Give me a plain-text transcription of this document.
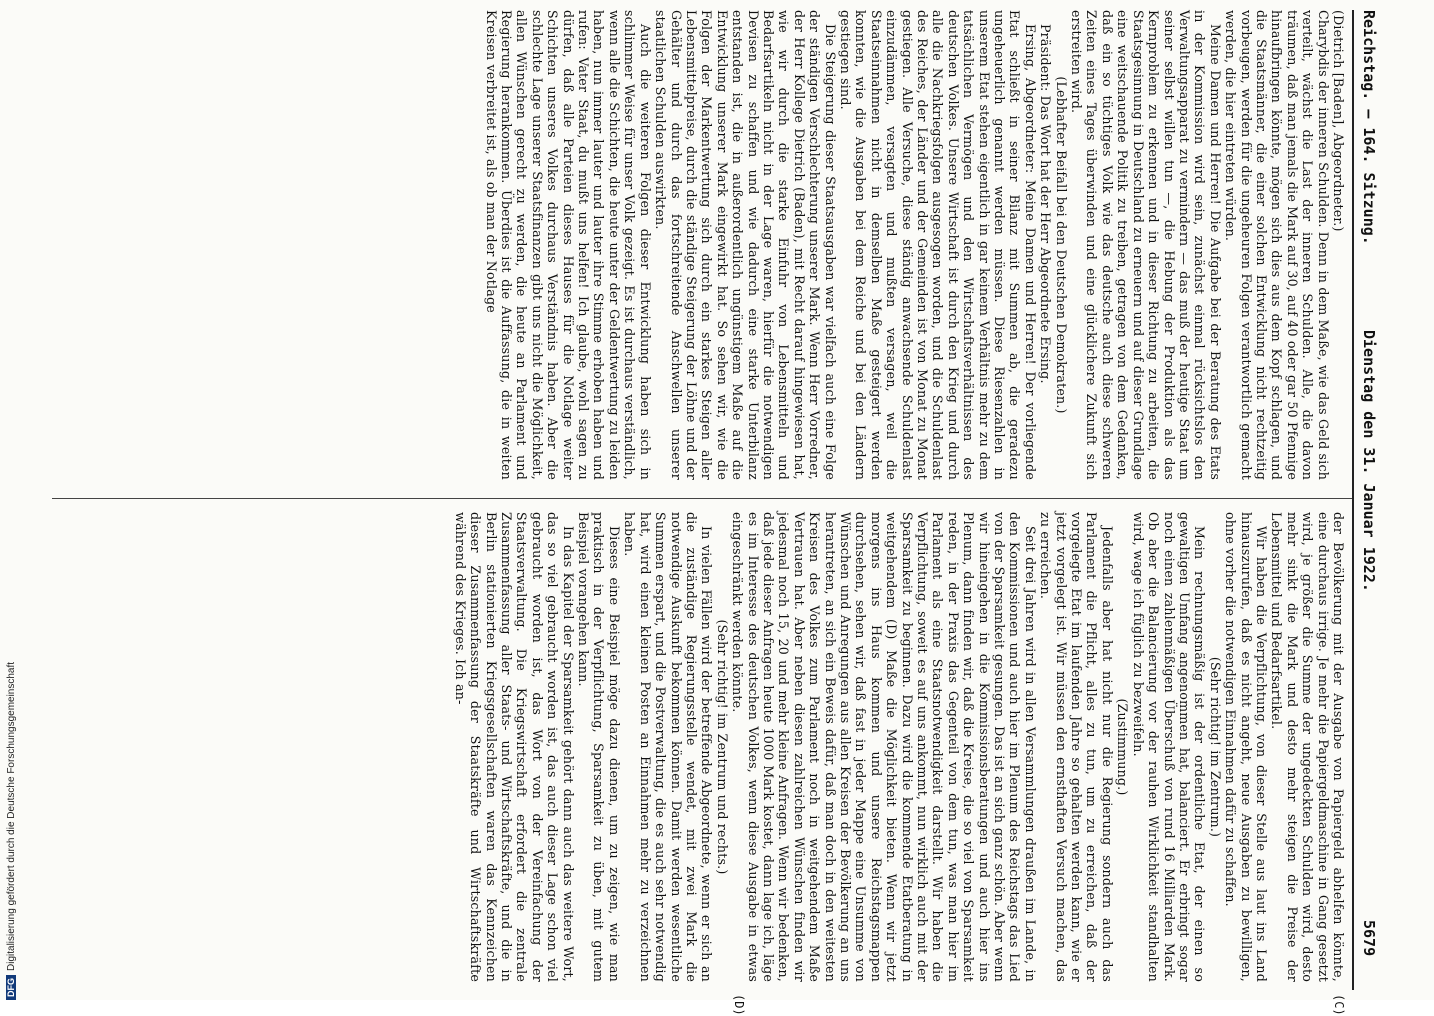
Reichstag. — 164. Sitzung.
Dienstag den 31. Januar 1922.
5679
(C)
(D)

(Dietrich [Baden], Abgeordneter.)

Charybdis der inneren Schulden. Denn in dem Maße, wie das Geld sich verteilt, wächst die Last der inneren Schulden. Alle, die davon träumen, daß man jemals die Mark auf 30, auf 40 oder gar 50 Pfennige hinaufbringen könnte, mögen sich dies aus dem Kopf schlagen, und die Staatsmänner, die einer solchen Entwicklung nicht rechtzeitig vorbeugen, werden für die ungeheuren Folgen verantwortlich gemacht werden, die hier eintreten würden.

Meine Damen und Herren! Die Aufgabe bei der Beratung des Etats in der Kommission wird sein, zunächst einmal rücksichtslos den Verwaltungsapparat zu vermindern — das muß der heutige Staat um seiner selbst willen tun —, die Hebung der Produktion als das Kernproblem zu erkennen und in dieser Richtung zu arbeiten, die Staatsgesinnung in Deutschland zu erneuern und auf dieser Grundlage eine weitschauende Politik zu treiben, getragen von dem Gedanken, daß ein so tüchtiges Volk wie das deutsche auch diese schweren Zeiten eines Tages überwinden und eine glücklichere Zukunft sich erstreiten wird.

(Lebhafter Beifall bei den Deutschen Demokraten.)

Präsident: Das Wort hat der Herr Abgeordnete Ersing.

Ersing, Abgeordneter: Meine Damen und Herren! Der vorliegende Etat schließt in seiner Bilanz mit Summen ab, die geradezu ungeheuerlich genannt werden müssen. Diese Riesenzahlen in unserem Etat stehen eigentlich in gar keinem Verhältnis mehr zu dem tatsächlichen Vermögen und den Wirtschaftsverhältnissen des deutschen Volkes. Unsere Wirtschaft ist durch den Krieg und durch alle die Nachkriegsfolgen ausgesogen worden, und die Schuldenlast des Reiches, der Länder und der Gemeinden ist von Monat zu Monat gestiegen. Alle Versuche, diese ständig anwachsende Schuldenlast einzudämmen, versagten und mußten versagen, weil die Staatseinnahmen nicht in demselben Maße gesteigert werden konnten, wie die Ausgaben bei dem Reiche und bei den Ländern gestiegen sind.

Die Steigerung dieser Staatsausgaben war vielfach auch eine Folge der ständigen Verschlechterung unserer Mark. Wenn Herr Vorredner, der Herr Kollege Dietrich (Baden), mit Recht darauf hingewiesen hat, wie wir durch die starke Einfuhr von Lebensmitteln und Bedarfsartikeln nicht in der Lage waren, hierfür die notwendigen Devisen zu schaffen und wie dadurch eine starke Unterbilanz entstanden ist, die in außerordentlich ungünstigem Maße auf die Entwicklung unserer Mark eingewirkt hat. So sehen wir, wie die Folgen der Markentwertung sich durch ein starkes Steigen aller Lebensmittelpreise, durch die ständige Steigerung der Löhne und der Gehälter und durch das fortschreitende Anschwellen unserer staatlichen Schulden auswirkten.

Auch die weiteren Folgen dieser Entwicklung haben sich in schlimmer Weise für unser Volk gezeigt. Es ist durchaus verständlich, wenn alle die Schichten, die heute unter der Geldentwertung zu leiden haben, nun immer lauter und lauter ihre Stimme erhoben haben und rufen: Vater Staat, du mußt uns helfen! Ich glaube, wohl sagen zu dürfen, daß alle Parteien dieses Hauses für die Notlage weiter Schichten unseres Volkes durchaus Verständnis haben. Aber die schlechte Lage unserer Staatsfinanzen gibt uns nicht die Möglichkeit, allen Wünschen gerecht zu werden, die heute an Parlament und Regierung herankommen. Überdies ist die Auffassung, die in weiten Kreisen verbreitet ist, als ob man der Notlage

der Bevölkerung mit der Ausgabe von Papiergeld abhelfen könnte, eine durchaus irrige. Je mehr die Papiergeldmaschine in Gang gesetzt wird, je größer die Summe der ungedeckten Schulden wird, desto mehr sinkt die Mark und desto mehr steigen die Preise der Lebensmittel und Bedarfsartikel.

Wir haben die Verpflichtung, von dieser Stelle aus laut ins Land hinauszurufen, daß es nicht angeht, neue Ausgaben zu bewilligen, ohne vorher die notwendigen Einnahmen dafür zu schaffen.

(Sehr richtig! im Zentrum.)

Mein rechnungsmäßig ist der ordentliche Etat, der einen so gewaltigen Umfang angenommen hat, balanciert. Er erbringt sogar noch einen zahlenmäßigen Überschuß von rund 16 Milliarden Mark. Ob aber die Balancierung vor der rauhen Wirklichkeit standhalten wird, wage ich füglich zu bezweifeln.

(Zustimmung.)

Jedenfalls aber hat nicht nur die Regierung sondern auch das Parlament die Pflicht, alles zu tun, um zu erreichen, daß der vorgelegte Etat im laufenden Jahre so gehalten werden kann, wie er jetzt vorgelegt ist. Wir müssen den ernsthaften Versuch machen, das zu erreichen.

Seit drei Jahren wird in allen Versammlungen draußen im Lande, in den Kommissionen und auch hier im Plenum des Reichstags das Lied von der Sparsamkeit gesungen. Das ist an sich ganz schön. Aber wenn wir hineingehen in die Kommissionsberatungen und auch hier ins Plenum, dann finden wir, daß die Kreise, die so viel von Sparsamkeit reden, in der Praxis das Gegenteil von dem tun, was man hier im Parlament als eine Staatsnotwendigkeit darstellt. Wir haben die Verpflichtung, soweit es auf uns ankommt, nun wirklich auch mit der Sparsamkeit zu beginnen. Dazu wird die kommende Etatberatung in weitgehendem (D) Maße die Möglichkeit bieten. Wenn wir jetzt morgens ins Haus kommen und unsere Reichstagsmappen durchsehen, sehen wir, daß fast in jeder Mappe eine Unsumme von Wünschen und Anregungen aus allen Kreisen der Bevölkerung an uns herantreten, an sich ein Beweis dafür, daß man doch in den weitesten Kreisen des Volkes zum Parlament noch in weitgehendem Maße Vertrauen hat. Aber neben diesen zahlreichen Wünschen finden wir jedesmal noch 15, 20 und mehr kleine Anfragen. Wenn wir bedenken, daß jede dieser Anfragen heute 1000 Mark kostet, dann lage ich, läge es im Interesse des deutschen Volkes, wenn diese Ausgabe in etwas eingeschränkt werden könnte.

(Sehr richtig! im Zentrum und rechts.)

In vielen Fällen wird der betreffende Abgeordnete, wenn er sich an die zuständige Regierungsstelle wendet, mit zwei Mark die notwendige Auskunft bekommen können. Damit werden wesentliche Summen erspart, und die Postverwaltung, die es auch sehr notwendig hat, wird einen kleinen Posten an Einnahmen mehr zu verzeichnen haben.

Dieses eine Beispiel möge dazu dienen, um zu zeigen, wie man praktisch in der Verpflichtung, Sparsamkeit zu üben, mit gutem Beispiel vorangehen kann.

In das Kapitel der Sparsamkeit gehört dann auch das weitere Wort, das so viel gebraucht worden ist, das auch dieser Lage schon viel gebraucht worden ist, das Wort von der Vereinfachung der Staatsverwaltung. Die Kriegswirtschaft erfordert die zentrale Zusammenfassung aller Staats- und Wirtschaftskräfte, und die in Berlin stationierten Kriegsgesellschaften waren das Kennzeichen dieser Zusammenfassung der Staatskräfte und Wirtschaftskräfte während des Krieges. Ich an-

DFGDigitalisierung gefördert durch die Deutsche Forschungsgemeinschaft
